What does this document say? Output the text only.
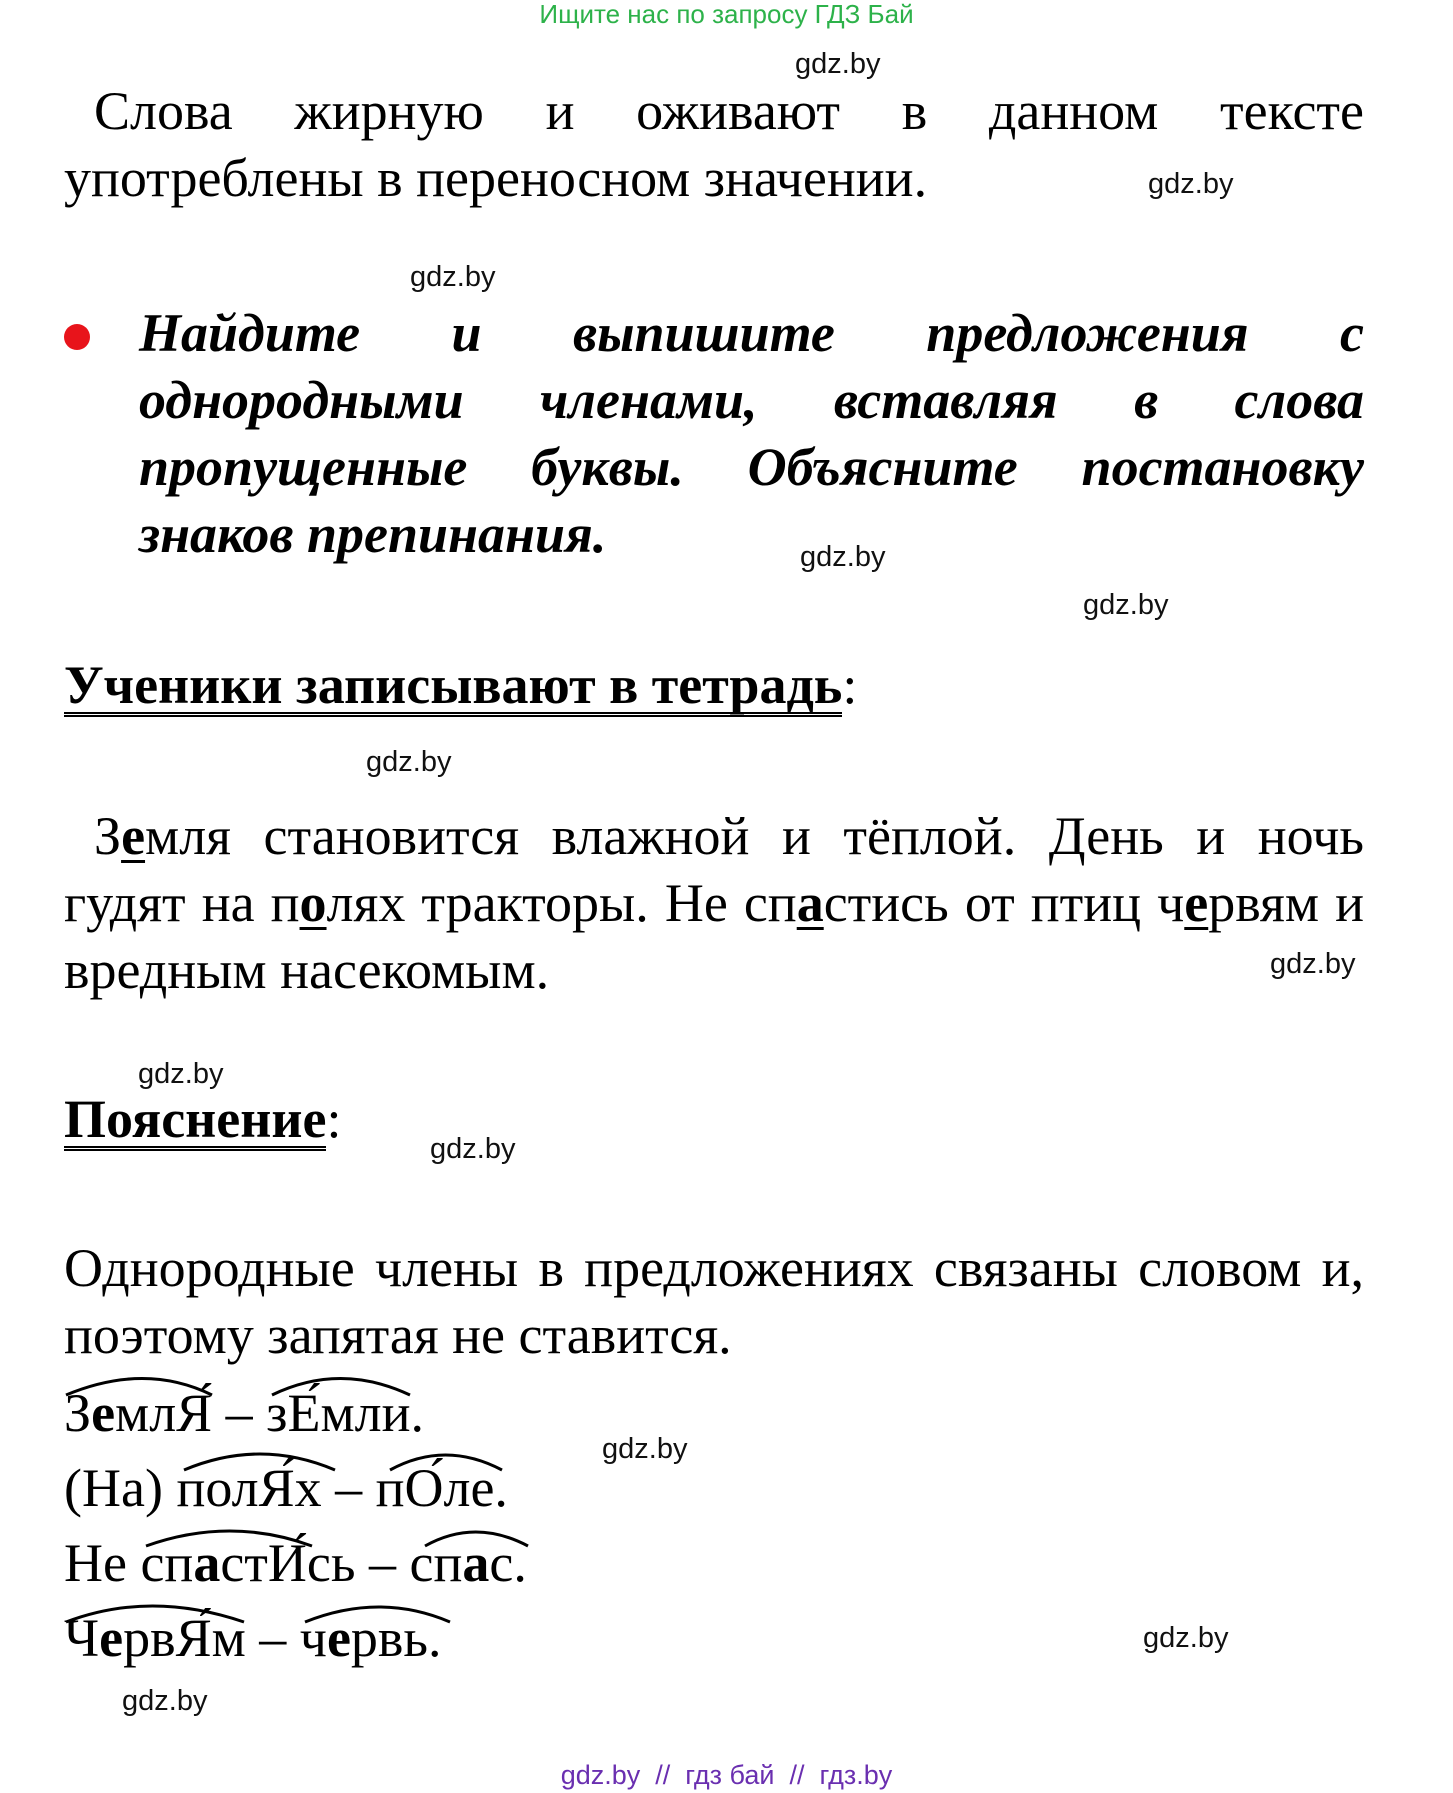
Ищите нас по запросу ГДЗ Бай
gdz.by
gdz.by
gdz.by
gdz.by
gdz.by
gdz.by
gdz.by
gdz.by
gdz.by
gdz.by
gdz.by
gdz.by
Слова жирную и оживают в данном тексте употреблены в переносном значении.
Найдите и выпишите предложения с однородными членами, вставляя в слова пропущенные буквы. Объясните постановку знаков препинания.
Ученики записывают в тетрадь:
Земля становится влажной и тёплой. День и ночь гудят на полях тракторы. Не спастись от птиц червям и вредным насекомым.
Пояснение:
Однородные члены в предложениях связаны словом и, поэтому запятая не ставится.
ЗемлЯ́ – зЕ́мли.
(На) полЯ́х – пО́ле.
Не спастИ́сь – спас.
ЧервЯ́м – червь.
gdz.by  //  гдз бай  //  гдз.by
